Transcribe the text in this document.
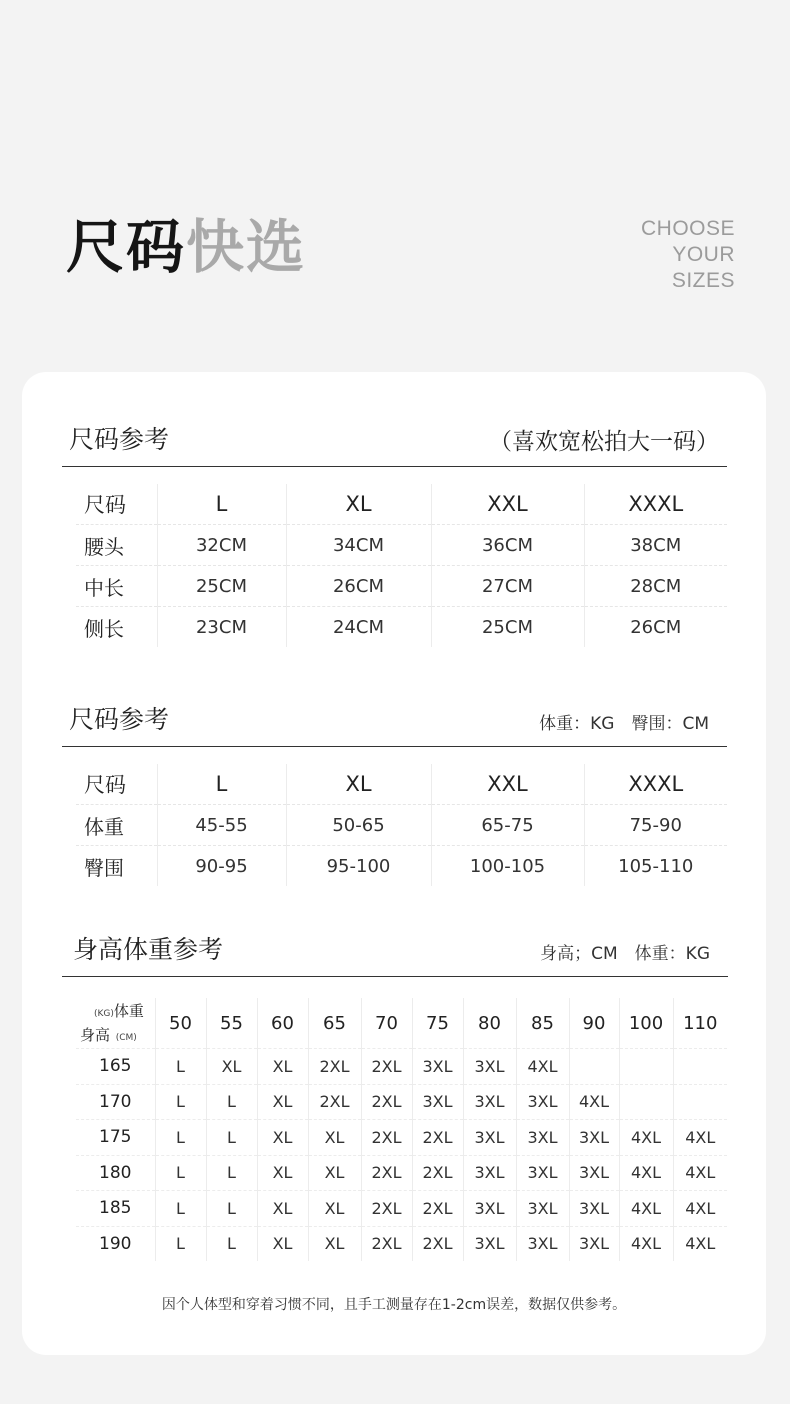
尺码快选	CHOOSE
YOUR
SIZES
尺码参考	（喜欢宽松拍大一码）
尺码	L	XL	XXL	XXXL
腰头	32CM	34CM	36CM	38CM
中长	25CM	26CM	27CM	28CM
侧长	23CM	24CM	25CM	26CM
尺码参考	体重：KG　臀围：CM
尺码	L	XL	XXL	XXXL
体重	45-55	50-65	65-75	75-90
臀围	90-95	95-100	100-105	105-110
身高体重参考	身高；CM　体重：KG
(KG)体重
身高 (CM)	50	55	60	65	70	75	80	85	90	100	110
165	L	XL	XL	2XL	2XL	3XL	3XL	4XL			
170	L	L	XL	2XL	2XL	3XL	3XL	3XL	4XL		
175	L	L	XL	XL	2XL	2XL	3XL	3XL	3XL	4XL	4XL
180	L	L	XL	XL	2XL	2XL	3XL	3XL	3XL	4XL	4XL
185	L	L	XL	XL	2XL	2XL	3XL	3XL	3XL	4XL	4XL
190	L	L	XL	XL	2XL	2XL	3XL	3XL	3XL	4XL	4XL
因个人体型和穿着习惯不同，且手工测量存在1-2cm误差，数据仅供参考。
